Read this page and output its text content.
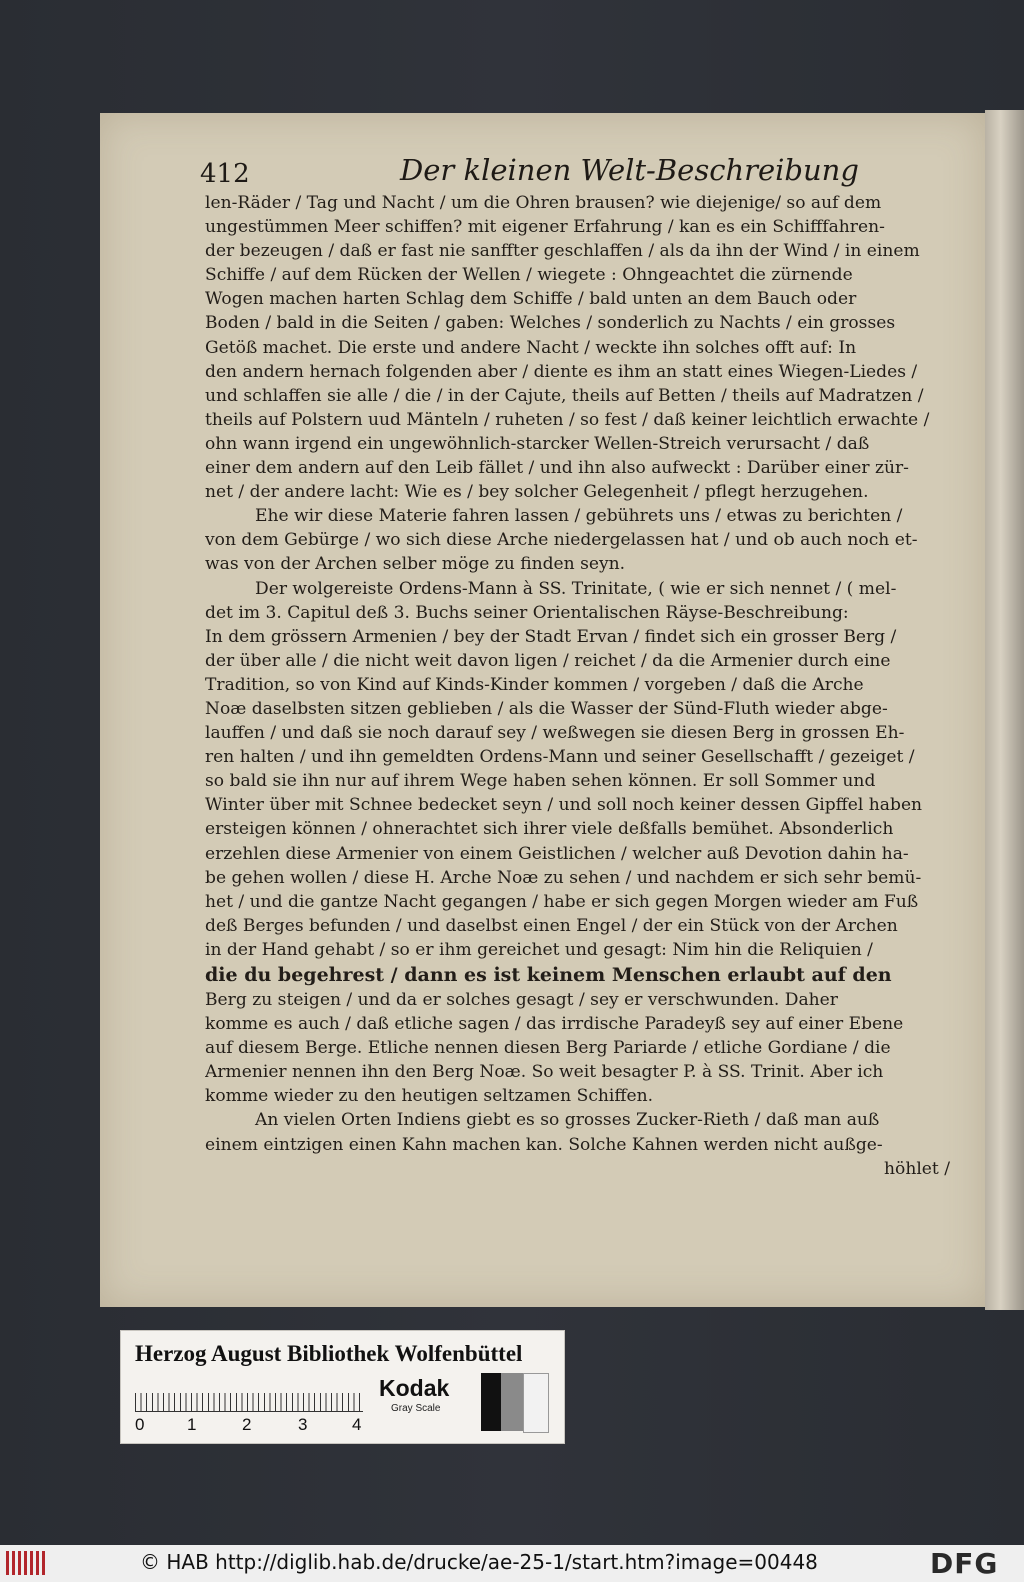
412	Der kleinen Welt-Beschreibung
len-Räder / Tag und Nacht / um die Ohren brausen? wie diejenige/ so auf dem
ungestümmen Meer schiffen? mit eigener Erfahrung / kan es ein Schifffahren-
der bezeugen / daß er fast nie sanffter geschlaffen / als da ihn der Wind / in einem
Schiffe / auf dem Rücken der Wellen / wiegete : Ohngeachtet die zürnende
Wogen machen harten Schlag dem Schiffe / bald unten an dem Bauch oder
Boden / bald in die Seiten / gaben: Welches / sonderlich zu Nachts / ein grosses
Getöß machet. Die erste und andere Nacht / weckte ihn solches offt auf: In
den andern hernach folgenden aber / diente es ihm an statt eines Wiegen-Liedes /
und schlaffen sie alle / die / in der Cajute, theils auf Betten / theils auf Madratzen /
theils auf Polstern uud Mänteln / ruheten / so fest / daß keiner leichtlich erwachte /
ohn wann irgend ein ungewöhnlich-starcker Wellen-Streich verursacht / daß
einer dem andern auf den Leib fället / und ihn also aufweckt : Darüber einer zür-
net / der andere lacht: Wie es / bey solcher Gelegenheit / pflegt herzugehen.
Ehe wir diese Materie fahren lassen / gebührets uns / etwas zu berichten /
von dem Gebürge / wo sich diese Arche niedergelassen hat / und ob auch noch et-
was von der Archen selber möge zu finden seyn.
Der wolgereiste Ordens-Mann à SS. Trinitate, ( wie er sich nennet / ( mel-
det im 3. Capitul deß 3. Buchs seiner Orientalischen Räyse-Beschreibung:
In dem grössern Armenien / bey der Stadt Ervan / findet sich ein grosser Berg /
der über alle / die nicht weit davon ligen / reichet / da die Armenier durch eine
Tradition, so von Kind auf Kinds-Kinder kommen / vorgeben / daß die Arche
Noæ daselbsten sitzen geblieben / als die Wasser der Sünd-Fluth wieder abge-
lauffen / und daß sie noch darauf sey / weßwegen sie diesen Berg in grossen Eh-
ren halten / und ihn gemeldten Ordens-Mann und seiner Gesellschafft / gezeiget /
so bald sie ihn nur auf ihrem Wege haben sehen können. Er soll Sommer und
Winter über mit Schnee bedecket seyn / und soll noch keiner dessen Gipffel haben
ersteigen können / ohnerachtet sich ihrer viele deßfalls bemühet. Absonderlich
erzehlen diese Armenier von einem Geistlichen / welcher auß Devotion dahin ha-
be gehen wollen / diese H. Arche Noæ zu sehen / und nachdem er sich sehr bemü-
het / und die gantze Nacht gegangen / habe er sich gegen Morgen wieder am Fuß
deß Berges befunden / und daselbst einen Engel / der ein Stück von der Archen
in der Hand gehabt / so er ihm gereichet und gesagt: Nim hin die Reliquien /
die du begehrest / dann es ist keinem Menschen erlaubt auf den
Berg zu steigen / und da er solches gesagt / sey er verschwunden. Daher
komme es auch / daß etliche sagen / das irrdische Paradeyß sey auf einer Ebene
auf diesem Berge. Etliche nennen diesen Berg Pariarde / etliche Gordiane / die
Armenier nennen ihn den Berg Noæ. So weit besagter P. à SS. Trinit. Aber ich
komme wieder zu den heutigen seltzamen Schiffen.
An vielen Orten Indiens giebt es so grosses Zucker-Rieth / daß man auß
einem eintzigen einen Kahn machen kan. Solche Kahnen werden nicht außge-
höhlet /
Herzog August Bibliothek Wolfenbüttel
0	1	2	3	4
Kodak
Gray Scale
© HAB http://diglib.hab.de/drucke/ae-25-1/start.htm?image=00448	DFG
